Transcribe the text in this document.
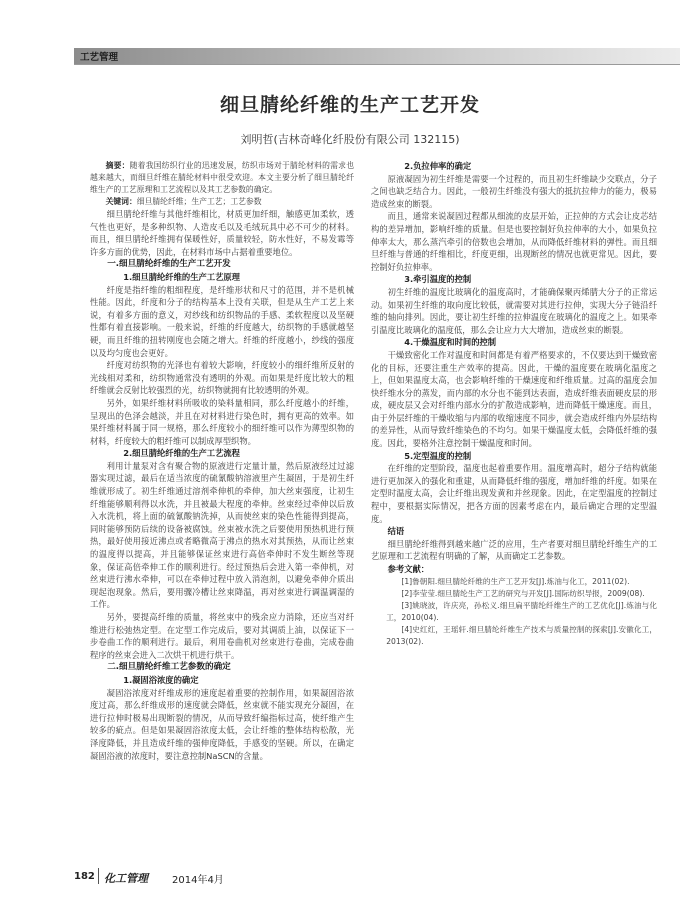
工艺管理
细旦腈纶纤维的生产工艺开发
刘明哲(吉林奇峰化纤股份有限公司 132115)

摘要：随着我国纺织行业的迅速发展，纺织市场对于腈纶材料的需求也越来越大，而细旦纤维在腈纶材料中很受欢迎。本文主要分析了细旦腈纶纤维生产的工艺原理和工艺流程以及其工艺参数的确定。

关键词：细旦腈纶纤维；生产工艺；工艺参数

细旦腈纶纤维与其他纤维相比，材质更加纤细，触感更加柔软，透气性也更好，是多种织物、人造皮毛以及毛绒玩具中必不可少的材料。而且，细旦腈纶纤维拥有保暖性好，质量较轻，防水性好，不易发霉等许多方面的优势，因此，在材料市场中占据着重要地位。

一.细旦腈纶纤维的生产工艺开发

1.细旦腈纶纤维的生产工艺原理

纤度是指纤维的粗细程度，是纤维形状和尺寸的范围，并不是机械性能。因此，纤度和分子的结构基本上没有关联，但是从生产工艺上来说，有着多方面的意义，对纱线和纺织物品的手感、柔软程度以及坚硬性都有着直接影响。一般来说，纤维的纤度越大，纺织物的手感就越坚硬，而且纤维的扭转刚度也会随之增大。纤维的纤度越小，纱线的强度以及均匀度也会更好。

纤度对纺织物的光泽也有着较大影响，纤度较小的细纤维所反射的光线相对柔和，纺织物通常没有透明的外观。而如果是纤度比较大的粗纤维就会反射比较强烈的光，纺织物就拥有比较透明的外观。

另外，如果纤维材料所吸收的染料量相同，那么纤度越小的纤维，呈现出的色泽会越淡，并且在对材料进行染色时，拥有更高的效率。如果纤维材料属于同一规格，那么纤度较小的细纤维可以作为薄型织物的材料，纤度较大的粗纤维可以制成厚型织物。

2.细旦腈纶纤维的生产工艺流程

利用计量泵对含有聚合物的原液进行定量计量，然后原液经过过滤器实现过滤，最后在适当浓度的硫氰酸钠溶液里产生凝固，于是初生纤维就形成了。初生纤维通过溶剂牵伸机的牵伸，加大丝束强度，让初生纤维能够顺利得以水洗，并且被最大程度的牵伸。丝束经过牵伸以后放入水洗机，将上面的硫氰酸钠洗掉，从而使丝束的染色性能得到提高，同时能够预防后续的设备被腐蚀。丝束被水洗之后要使用预热机进行预热，最好使用接近沸点或者略微高于沸点的热水对其预热，从而让丝束的温度得以提高，并且能够保证丝束进行高倍牵伸时不发生断丝等现象，保证高倍牵伸工作的顺利进行。经过预热后会进入第一牵伸机，对丝束进行沸水牵伸，可以在牵伸过程中放入消泡剂，以避免牵伸介质出现起泡现象。然后，要用骤冷槽让丝束降温，再对丝束进行调温调湿的工作。

另外，要提高纤维的质量，将丝束中的残余应力消除，还应当对纤维进行松弛热定型。在定型工作完成后，要对其调质上油，以保证下一步卷曲工作的顺利进行。最后，利用卷曲机对丝束进行卷曲，完成卷曲程序的丝束会进入二次烘干机进行烘干。

二.细旦腈纶纤维工艺参数的确定

1.凝固浴浓度的确定

凝固浴浓度对纤维成形的速度起着重要的控制作用，如果凝固浴浓度过高，那么纤维成形的速度就会降低，丝束就不能实现充分凝固，在进行拉伸时极易出现断裂的情况，从而导致纤编指标过高，使纤维产生较多的疵点。但是如果凝固浴浓度太低，会让纤维的整体结构松散，光泽度降低，并且造成纤维的强伸度降低，手感变的坚硬。所以，在确定凝固浴液的浓度时，要注意控制NaSCN的含量。

2.负拉伸率的确定

原液凝固为初生纤维是需要一个过程的，而且初生纤维缺少交联点，分子之间也缺乏结合力。因此，一般初生纤维没有强大的抵抗拉伸力的能力，极易造成丝束的断裂。

而且，通常来说凝固过程都从细流的皮层开始，正拉伸的方式会让皮芯结构的差异增加，影响纤维的质量。但是也要控制好负拉伸率的大小，如果负拉伸率太大，那么蒸汽牵引的倍数也会增加，从而降低纤维材料的弹性。而且细旦纤维与普通的纤维相比，纤度更细，出现断丝的情况也就更常见。因此，要控制好负拉伸率。

3.牵引温度的控制

初生纤维的温度比玻璃化的温度高时，才能确保聚丙烯腈大分子的正常运动。如果初生纤维的取向度比较低，就需要对其进行拉伸，实现大分子链沿纤维的轴向排列。因此，要让初生纤维的拉伸温度在玻璃化的温度之上。如果牵引温度比玻璃化的温度低，那么会让应力大大增加，造成丝束的断裂。

4.干燥温度和时间的控制

干燥致密化工作对温度和时间都是有着严格要求的，不仅要达到干燥致密化的目标，还要注重生产效率的提高。因此，干燥的温度要在玻璃化温度之上，但如果温度太高，也会影响纤维的干燥速度和纤维质量。过高的温度会加快纤维水分的蒸发，而内部的水分也不能到达表面，造成纤维表面硬皮层的形成，硬皮层又会对纤维内部水分的扩散造成影响，进而降低干燥速度。而且，由于外层纤维的干燥收缩与内部的收缩速度不同步，就会造成纤维内外层结构的差异性，从而导致纤维染色的不均匀。如果干燥温度太低，会降低纤维的强度。因此，要格外注意控制干燥温度和时间。

5.定型温度的控制

在纤维的定型阶段，温度也起着重要作用。温度增高时，超分子结构就能进行更加深入的强化和重建，从而降低纤维的强度，增加纤维的纤度。如果在定型时温度太高，会让纤维出现发黄和并丝现象。因此，在定型温度的控制过程中，要根据实际情况，把各方面的因素考虑在内，最后确定合理的定型温度。

结语

细旦腈纶纤维得到越来越广泛的应用，生产者要对细旦腈纶纤维生产的工艺原理和工艺流程有明确的了解，从而确定工艺参数。

参考文献：

[1]鲁朝阳.细旦腈纶纤维的生产工艺开发[J].炼油与化工，2011(02).

[2]李莹莹.细旦腈纶生产工艺的研究与开发[J].国际纺织导报，2009(08).

[3]姚晓波，许庆亮，孙松义.细旦扁平腈纶纤维生产的工艺优化[J].炼油与化工，2010(04).

[4]史红红，王瑶轩.细旦腈纶纤维生产技术与质量控制的探索[J].安徽化工，2013(02).

182 化工管理 2014年4月
